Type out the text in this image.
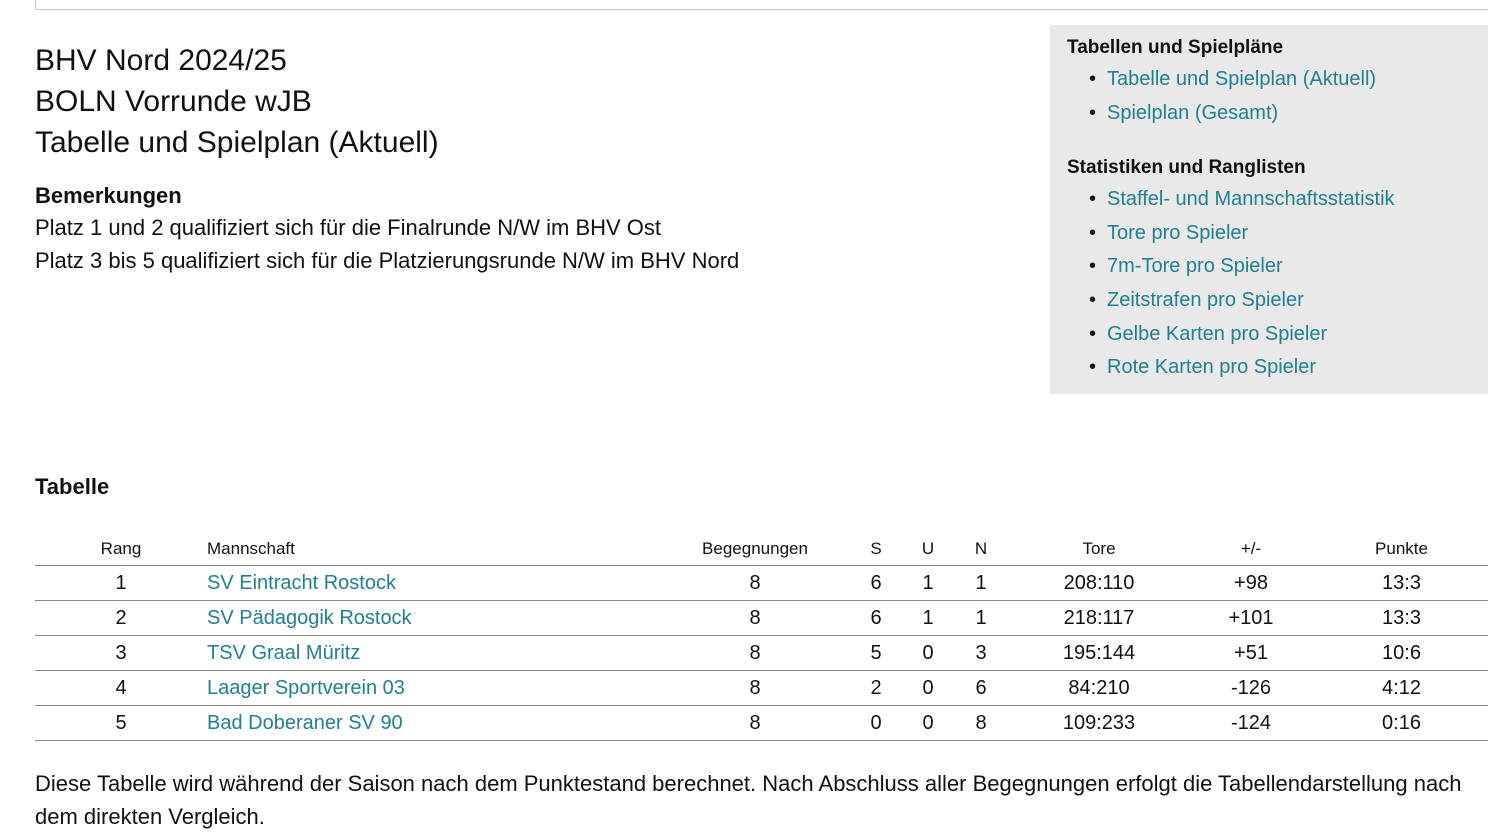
BHV Nord 2024/25
BOLN Vorrunde wJB
Tabelle und Spielplan (Aktuell)
Bemerkungen
Platz 1 und 2 qualifiziert sich für die Finalrunde N/W im BHV Ost
Platz 3 bis 5 qualifiziert sich für die Platzierungsrunde N/W im BHV Nord
Tabellen und Spielpläne
• Tabelle und Spielplan (Aktuell)
• Spielplan (Gesamt)
Statistiken und Ranglisten
• Staffel- und Mannschaftsstatistik
• Tore pro Spieler
• 7m-Tore pro Spieler
• Zeitstrafen pro Spieler
• Gelbe Karten pro Spieler
• Rote Karten pro Spieler
Tabelle
Rang	Mannschaft	Begegnungen	S	U	N	Tore	+/-	Punkte
1	SV Eintracht Rostock	8	6	1	1	208:110	+98	13:3
2	SV Pädagogik Rostock	8	6	1	1	218:117	+101	13:3
3	TSV Graal Müritz	8	5	0	3	195:144	+51	10:6
4	Laager Sportverein 03	8	2	0	6	84:210	-126	4:12
5	Bad Doberaner SV 90	8	0	0	8	109:233	-124	0:16
Diese Tabelle wird während der Saison nach dem Punktestand berechnet. Nach Abschluss aller Begegnungen erfolgt die Tabellendarstellung nach dem direkten Vergleich.
